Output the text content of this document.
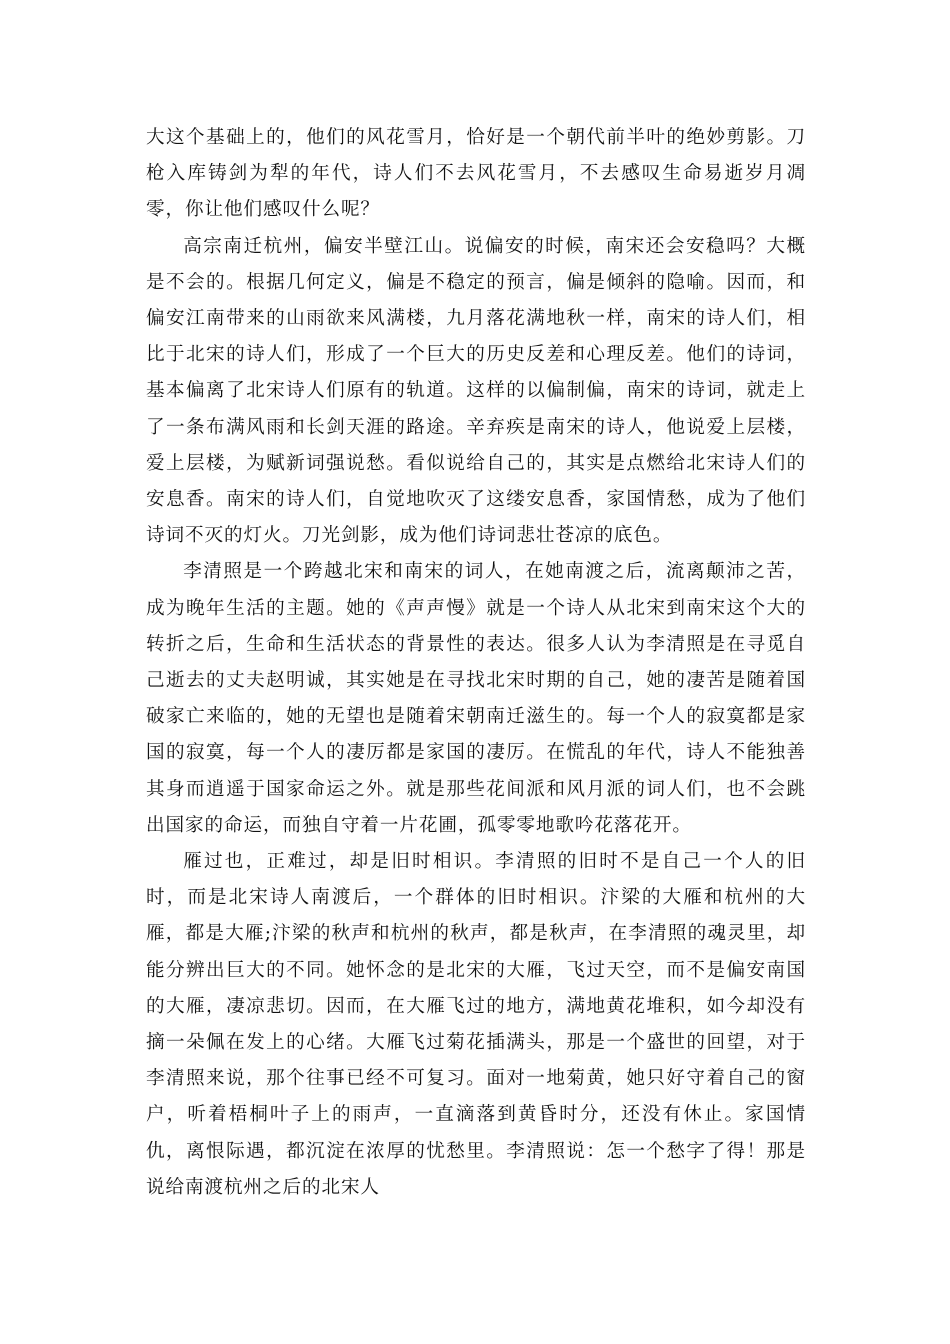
大这个基础上的，他们的风花雪月，恰好是一个朝代前半叶的绝妙剪影。刀枪入库铸剑为犁的年代，诗人们不去风花雪月，不去感叹生命易逝岁月凋零，你让他们感叹什么呢？

高宗南迁杭州，偏安半壁江山。说偏安的时候，南宋还会安稳吗？大概是不会的。根据几何定义，偏是不稳定的预言，偏是倾斜的隐喻。因而，和偏安江南带来的山雨欲来风满楼，九月落花满地秋一样，南宋的诗人们，相比于北宋的诗人们，形成了一个巨大的历史反差和心理反差。他们的诗词，基本偏离了北宋诗人们原有的轨道。这样的以偏制偏，南宋的诗词，就走上了一条布满风雨和长剑天涯的路途。辛弃疾是南宋的诗人，他说爱上层楼，爱上层楼，为赋新词强说愁。看似说给自己的，其实是点燃给北宋诗人们的安息香。南宋的诗人们，自觉地吹灭了这缕安息香，家国情愁，成为了他们诗词不灭的灯火。刀光剑影，成为他们诗词悲壮苍凉的底色。

李清照是一个跨越北宋和南宋的词人，在她南渡之后，流离颠沛之苦，成为晚年生活的主题。她的《声声慢》就是一个诗人从北宋到南宋这个大的转折之后，生命和生活状态的背景性的表达。很多人认为李清照是在寻觅自己逝去的丈夫赵明诚，其实她是在寻找北宋时期的自己，她的凄苦是随着国破家亡来临的，她的无望也是随着宋朝南迁滋生的。每一个人的寂寞都是家国的寂寞，每一个人的凄厉都是家国的凄厉。在慌乱的年代，诗人不能独善其身而逍遥于国家命运之外。就是那些花间派和风月派的词人们，也不会跳出国家的命运，而独自守着一片花圃，孤零零地歌吟花落花开。

雁过也，正难过，却是旧时相识。李清照的旧时不是自己一个人的旧时，而是北宋诗人南渡后，一个群体的旧时相识。汴梁的大雁和杭州的大雁，都是大雁;汴梁的秋声和杭州的秋声，都是秋声，在李清照的魂灵里，却能分辨出巨大的不同。她怀念的是北宋的大雁，飞过天空，而不是偏安南国的大雁，凄凉悲切。因而，在大雁飞过的地方，满地黄花堆积，如今却没有摘一朵佩在发上的心绪。大雁飞过菊花插满头，那是一个盛世的回望，对于李清照来说，那个往事已经不可复习。面对一地菊黄，她只好守着自己的窗户，听着梧桐叶子上的雨声，一直滴落到黄昏时分，还没有休止。家国情仇，离恨际遇，都沉淀在浓厚的忧愁里。李清照说：怎一个愁字了得！那是说给南渡杭州之后的北宋人
